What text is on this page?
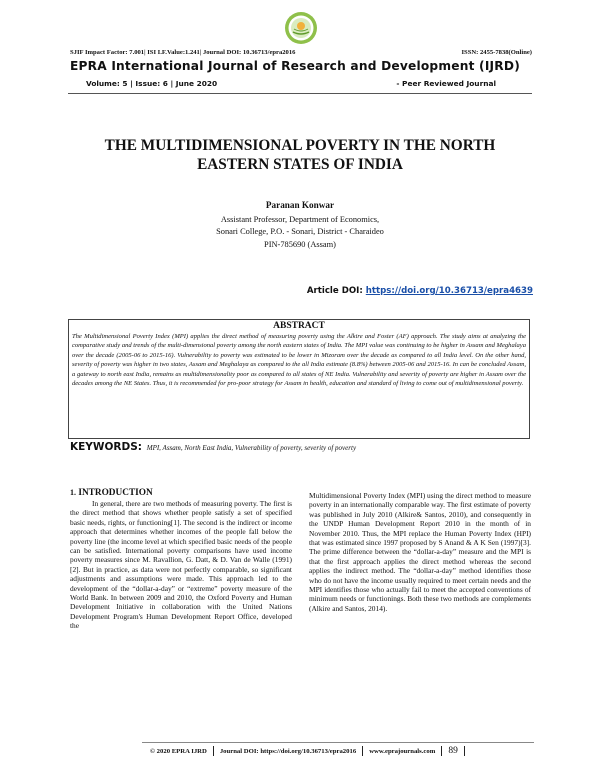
SJIF Impact Factor: 7.001| ISI I.F.Value:1.241| Journal DOI: 10.36713/epra2016	ISSN: 2455-7838(Online)
EPRA International Journal of Research and Development (IJRD)
Volume: 5 | Issue: 6 | June 2020	- Peer Reviewed Journal
THE MULTIDIMENSIONAL POVERTY IN THE NORTH
EASTERN STATES OF INDIA
Paranan Konwar
Assistant Professor, Department of Economics,
Sonari College, P.O. - Sonari, District - Charaideo
PIN-785690 (Assam)
Article DOI: https://doi.org/10.36713/epra4639
ABSTRACT
The Multidimensional Poverty Index (MPI) applies the direct method of measuring poverty using the Alkire and Foster (AF) approach. The study aims at analyzing the comparative study and trends of the multi-dimensional poverty among the north eastern states of India. The MPI value was continuing to be higher in Assam and Meghalaya over the decade (2005-06 to 2015-16). Vulnerability to poverty was estimated to be lower in Mizoram over the decade as compared to all India level. On the other hand, severity of poverty was higher in two states, Assam and Meghalaya as compared to the all India estimate (8.8%) between 2005-06 and 2015-16. In can be concluded Assam, a gateway to north east India, remains as multidimensionality poor as compared to all states of NE India. Vulnerability and severity of poverty are higher in Assam over the decades among the NE States. Thus, it is recommended for pro-poor strategy for Assam in health, education and standard of living to come out of multidimensional poverty.
KEYWORDS: MPI, Assam, North East India, Vulnerability of poverty, severity of poverty
1. INTRODUCTION
In general, there are two methods of measuring poverty. The first is the direct method that shows whether people satisfy a set of specified basic needs, rights, or functioning[1]. The second is the indirect or income approach that determines whether incomes of the people fall below the poverty line (the income level at which specified basic needs of the people can be satisfied. International poverty comparisons have used income poverty measures since M. Ravallion, G. Datt, & D. Van de Walle (1991)[2]. But in practice, as data were not perfectly comparable, so significant adjustments and assumptions were made. This approach led to the development of the “dollar-a-day” or “extreme” poverty measure of the World Bank. In between 2009 and 2010, the Oxford Poverty and Human Development Initiative in collaboration with the United Nations Development Program's Human Development Report Office, developed the
Multidimensional Poverty Index (MPI) using the direct method to measure poverty in an internationally comparable way. The first estimate of poverty was published in July 2010 (Alkire& Santos, 2010), and consequently in the UNDP Human Development Report 2010 in the month of in November 2010. Thus, the MPI replace the Human Poverty Index (HPI) that was estimated since 1997 proposed by S Anand & A K Sen (1997)[3]. The prime difference between the “dollar-a-day” measure and the MPI is that the first approach applies the direct method whereas the second applies the indirect method. The “dollar-a-day” method identifies those who do not have the income usually required to meet certain needs and the MPI identifies those who actually fail to meet the accepted conventions of minimum needs or functionings. Both these two methods are complements (Alkire and Santos, 2014).
© 2020 EPRA IJRD Journal DOI: https://doi.org/10.36713/epra2016 www.eprajournals.com 89
